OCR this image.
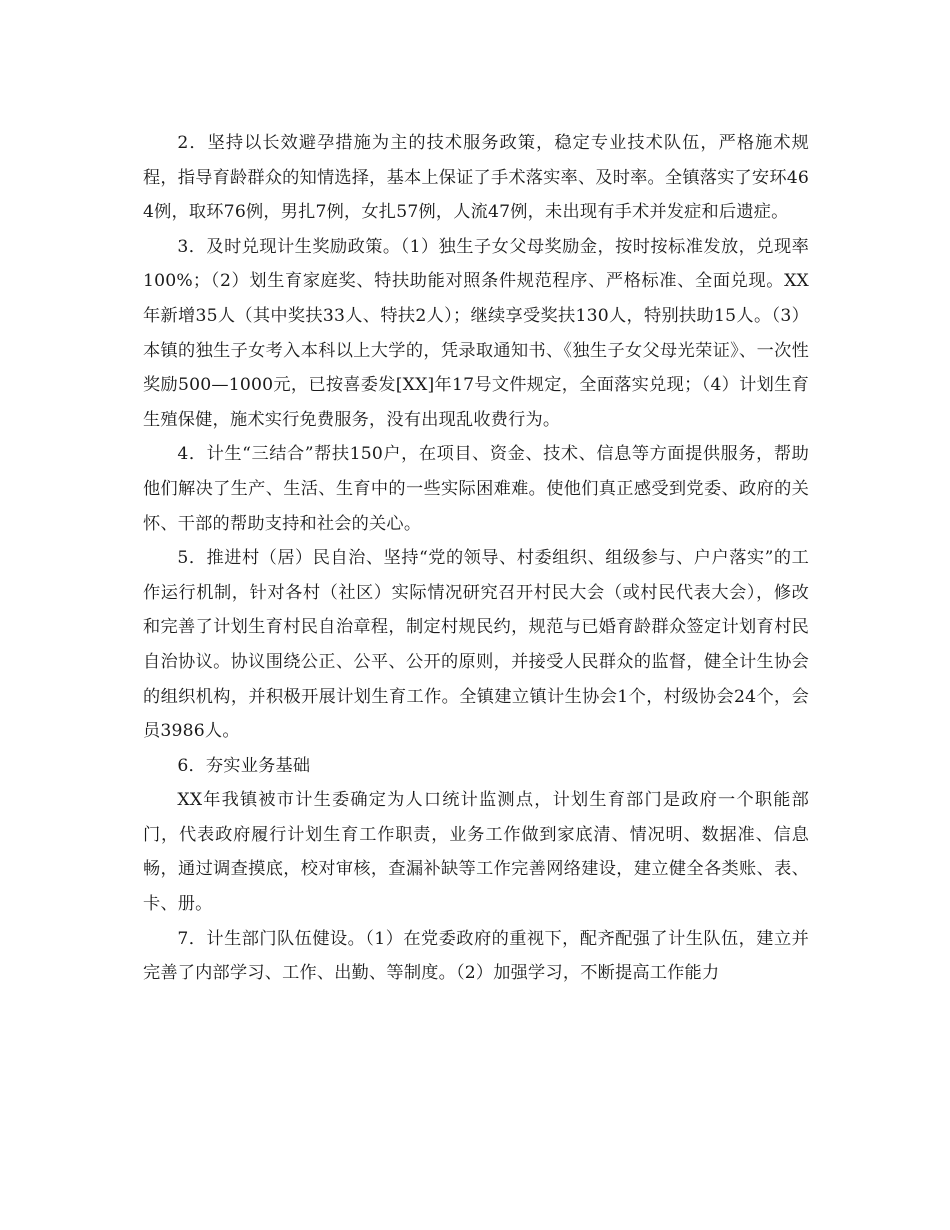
2．坚持以长效避孕措施为主的技术服务政策，稳定专业技术队伍，严格施术规程，指导育龄群众的知情选择，基本上保证了手术落实率、及时率。全镇落实了安环464例，取环76例，男扎7例，女扎57例，人流47例，未出现有手术并发症和后遗症。

3．及时兑现计生奖励政策。（1）独生子女父母奖励金，按时按标准发放，兑现率100%；（2）划生育家庭奖、特扶助能对照条件规范程序、严格标准、全面兑现。XX年新增35人（其中奖扶33人、特扶2人）；继续享受奖扶130人，特别扶助15人。（3）本镇的独生子女考入本科以上大学的，凭录取通知书、《独生子女父母光荣证》、一次性奖励500—1000元，已按喜委发[XX]年17号文件规定，全面落实兑现；（4）计划生育生殖保健，施术实行免费服务，没有出现乱收费行为。

4．计生“三结合”帮扶150户，在项目、资金、技术、信息等方面提供服务，帮助他们解决了生产、生活、生育中的一些实际困难难。使他们真正感受到党委、政府的关怀、干部的帮助支持和社会的关心。

5．推进村（居）民自治、坚持“党的领导、村委组织、组级参与、户户落实”的工作运行机制，针对各村（社区）实际情况研究召开村民大会（或村民代表大会），修改和完善了计划生育村民自治章程，制定村规民约，规范与已婚育龄群众签定计划育村民自治协议。协议围绕公正、公平、公开的原则，并接受人民群众的监督，健全计生协会的组织机构，并积极开展计划生育工作。全镇建立镇计生协会1个，村级协会24个，会员3986人。

6．夯实业务基础

XX年我镇被市计生委确定为人口统计监测点，计划生育部门是政府一个职能部门，代表政府履行计划生育工作职责，业务工作做到家底清、情况明、数据准、信息畅，通过调查摸底，校对审核，查漏补缺等工作完善网络建设，建立健全各类账、表、卡、册。

7．计生部门队伍健设。（1）在党委政府的重视下，配齐配强了计生队伍，建立并完善了内部学习、工作、出勤、等制度。（2）加强学习，不断提高工作能力
